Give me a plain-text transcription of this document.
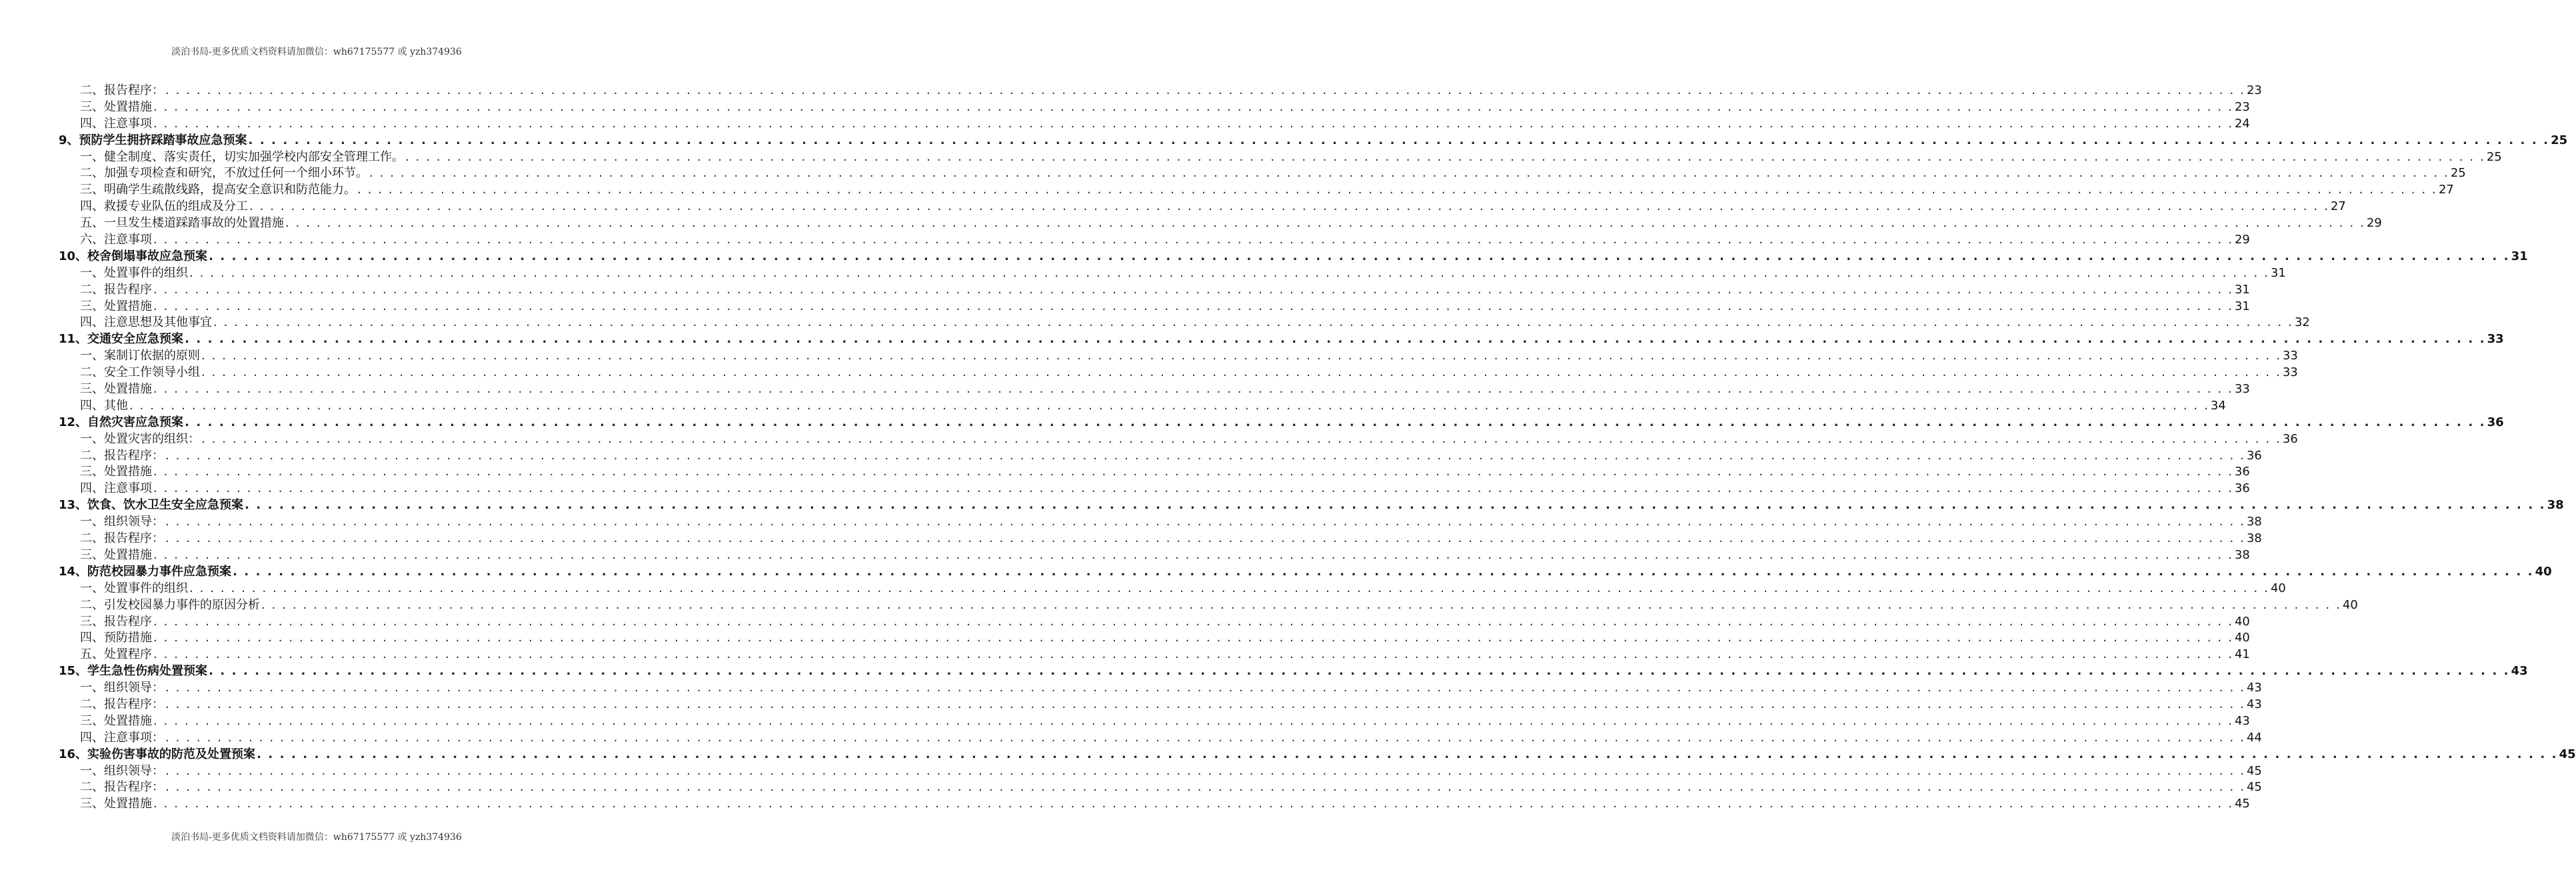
淡泊书局-更多优质文档资料请加微信：wh67175577 或 yzh374936
二、报告程序： . . . . . . . . . . . . . . . . . . . . . . . . . . . . . . . . . . . . . . . . . . . . . . . . . . . . . . . . . . . . . . . . . . . . . . . . . . . . . . . . . . . . . . . . . . . . . . . . . . . . . . . . . . . . . . . . . . . . . . . . . . . . . . . . . . . . . . . . . . . . . . . . . . . . . . . . . . . . . . . . . . . . . . . . . . . . . . . . . . . . . . . . . . . . . . . . . . . . . . . . 23
三、处置措施 . . . . . . . . . . . . . . . . . . . . . . . . . . . . . . . . . . . . . . . . . . . . . . . . . . . . . . . . . . . . . . . . . . . . . . . . . . . . . . . . . . . . . . . . . . . . . . . . . . . . . . . . . . . . . . . . . . . . . . . . . . . . . . . . . . . . . . . . . . . . . . . . . . . . . . . . . . . . . . . . . . . . . . . . . . . . . . . . . . . . . . . . . . . . . . . . . . . . . . . . 23
四、注意事项 . . . . . . . . . . . . . . . . . . . . . . . . . . . . . . . . . . . . . . . . . . . . . . . . . . . . . . . . . . . . . . . . . . . . . . . . . . . . . . . . . . . . . . . . . . . . . . . . . . . . . . . . . . . . . . . . . . . . . . . . . . . . . . . . . . . . . . . . . . . . . . . . . . . . . . . . . . . . . . . . . . . . . . . . . . . . . . . . . . . . . . . . . . . . . . . . . . . . . . . . 24
9、预防学生拥挤踩踏事故应急预案 . . . . . . . . . . . . . . . . . . . . . . . . . . . . . . . . . . . . . . . . . . . . . . . . . . . . . . . . . . . . . . . . . . . . . . . . . . . . . . . . . . . . . . . . . . . . . . . . . . . . . . . . . . . . . . . . . . . . . . . . . . . . . . . . . . . . . . . . . . . . . . . . . . . . . . . . . . . . . . . . . . . . . . . . . . . . . . . . . . . . . . . . . . . . . . . . . . . . . . . . 25
一、健全制度、落实责任，切实加强学校内部安全管理工作。 . . . . . . . . . . . . . . . . . . . . . . . . . . . . . . . . . . . . . . . . . . . . . . . . . . . . . . . . . . . . . . . . . . . . . . . . . . . . . . . . . . . . . . . . . . . . . . . . . . . . . . . . . . . . . . . . . . . . . . . . . . . . . . . . . . . . . . . . . . . . . . . . . . . . . . . . . . . . . . . . . . . . . . . . . . . . . . . . . . . . . . . . . . . . . . . . . . . . . . . . 25
二、加强专项检查和研究，不放过任何一个细小环节。 . . . . . . . . . . . . . . . . . . . . . . . . . . . . . . . . . . . . . . . . . . . . . . . . . . . . . . . . . . . . . . . . . . . . . . . . . . . . . . . . . . . . . . . . . . . . . . . . . . . . . . . . . . . . . . . . . . . . . . . . . . . . . . . . . . . . . . . . . . . . . . . . . . . . . . . . . . . . . . . . . . . . . . . . . . . . . . . . . . . . . . . . . . . . . . . . . . . . . . . . 25
三、明确学生疏散线路，提高安全意识和防范能力。 . . . . . . . . . . . . . . . . . . . . . . . . . . . . . . . . . . . . . . . . . . . . . . . . . . . . . . . . . . . . . . . . . . . . . . . . . . . . . . . . . . . . . . . . . . . . . . . . . . . . . . . . . . . . . . . . . . . . . . . . . . . . . . . . . . . . . . . . . . . . . . . . . . . . . . . . . . . . . . . . . . . . . . . . . . . . . . . . . . . . . . . . . . . . . . . . . . . . . . . . 27
四、救援专业队伍的组成及分工 . . . . . . . . . . . . . . . . . . . . . . . . . . . . . . . . . . . . . . . . . . . . . . . . . . . . . . . . . . . . . . . . . . . . . . . . . . . . . . . . . . . . . . . . . . . . . . . . . . . . . . . . . . . . . . . . . . . . . . . . . . . . . . . . . . . . . . . . . . . . . . . . . . . . . . . . . . . . . . . . . . . . . . . . . . . . . . . . . . . . . . . . . . . . . . . . . . . . . . . . 27
五、一旦发生楼道踩踏事故的处置措施 . . . . . . . . . . . . . . . . . . . . . . . . . . . . . . . . . . . . . . . . . . . . . . . . . . . . . . . . . . . . . . . . . . . . . . . . . . . . . . . . . . . . . . . . . . . . . . . . . . . . . . . . . . . . . . . . . . . . . . . . . . . . . . . . . . . . . . . . . . . . . . . . . . . . . . . . . . . . . . . . . . . . . . . . . . . . . . . . . . . . . . . . . . . . . . . . . . . . . . . . 29
六、注意事项 . . . . . . . . . . . . . . . . . . . . . . . . . . . . . . . . . . . . . . . . . . . . . . . . . . . . . . . . . . . . . . . . . . . . . . . . . . . . . . . . . . . . . . . . . . . . . . . . . . . . . . . . . . . . . . . . . . . . . . . . . . . . . . . . . . . . . . . . . . . . . . . . . . . . . . . . . . . . . . . . . . . . . . . . . . . . . . . . . . . . . . . . . . . . . . . . . . . . . . . . 29
10、校舍倒塌事故应急预案 . . . . . . . . . . . . . . . . . . . . . . . . . . . . . . . . . . . . . . . . . . . . . . . . . . . . . . . . . . . . . . . . . . . . . . . . . . . . . . . . . . . . . . . . . . . . . . . . . . . . . . . . . . . . . . . . . . . . . . . . . . . . . . . . . . . . . . . . . . . . . . . . . . . . . . . . . . . . . . . . . . . . . . . . . . . . . . . . . . . . . . . . . . . . . . . . . . . . . . . . 31
一、处置事件的组织 . . . . . . . . . . . . . . . . . . . . . . . . . . . . . . . . . . . . . . . . . . . . . . . . . . . . . . . . . . . . . . . . . . . . . . . . . . . . . . . . . . . . . . . . . . . . . . . . . . . . . . . . . . . . . . . . . . . . . . . . . . . . . . . . . . . . . . . . . . . . . . . . . . . . . . . . . . . . . . . . . . . . . . . . . . . . . . . . . . . . . . . . . . . . . . . . . . . . . . . . 31
二、报告程序 . . . . . . . . . . . . . . . . . . . . . . . . . . . . . . . . . . . . . . . . . . . . . . . . . . . . . . . . . . . . . . . . . . . . . . . . . . . . . . . . . . . . . . . . . . . . . . . . . . . . . . . . . . . . . . . . . . . . . . . . . . . . . . . . . . . . . . . . . . . . . . . . . . . . . . . . . . . . . . . . . . . . . . . . . . . . . . . . . . . . . . . . . . . . . . . . . . . . . . . . 31
三、处置措施 . . . . . . . . . . . . . . . . . . . . . . . . . . . . . . . . . . . . . . . . . . . . . . . . . . . . . . . . . . . . . . . . . . . . . . . . . . . . . . . . . . . . . . . . . . . . . . . . . . . . . . . . . . . . . . . . . . . . . . . . . . . . . . . . . . . . . . . . . . . . . . . . . . . . . . . . . . . . . . . . . . . . . . . . . . . . . . . . . . . . . . . . . . . . . . . . . . . . . . . . 31
四、注意思想及其他事宜 . . . . . . . . . . . . . . . . . . . . . . . . . . . . . . . . . . . . . . . . . . . . . . . . . . . . . . . . . . . . . . . . . . . . . . . . . . . . . . . . . . . . . . . . . . . . . . . . . . . . . . . . . . . . . . . . . . . . . . . . . . . . . . . . . . . . . . . . . . . . . . . . . . . . . . . . . . . . . . . . . . . . . . . . . . . . . . . . . . . . . . . . . . . . . . . . . . . . . . . . 32
11、交通安全应急预案 . . . . . . . . . . . . . . . . . . . . . . . . . . . . . . . . . . . . . . . . . . . . . . . . . . . . . . . . . . . . . . . . . . . . . . . . . . . . . . . . . . . . . . . . . . . . . . . . . . . . . . . . . . . . . . . . . . . . . . . . . . . . . . . . . . . . . . . . . . . . . . . . . . . . . . . . . . . . . . . . . . . . . . . . . . . . . . . . . . . . . . . . . . . . . . . . . . . . . . . . 33
一、案制订依据的原则 . . . . . . . . . . . . . . . . . . . . . . . . . . . . . . . . . . . . . . . . . . . . . . . . . . . . . . . . . . . . . . . . . . . . . . . . . . . . . . . . . . . . . . . . . . . . . . . . . . . . . . . . . . . . . . . . . . . . . . . . . . . . . . . . . . . . . . . . . . . . . . . . . . . . . . . . . . . . . . . . . . . . . . . . . . . . . . . . . . . . . . . . . . . . . . . . . . . . . . . . 33
二、安全工作领导小组 . . . . . . . . . . . . . . . . . . . . . . . . . . . . . . . . . . . . . . . . . . . . . . . . . . . . . . . . . . . . . . . . . . . . . . . . . . . . . . . . . . . . . . . . . . . . . . . . . . . . . . . . . . . . . . . . . . . . . . . . . . . . . . . . . . . . . . . . . . . . . . . . . . . . . . . . . . . . . . . . . . . . . . . . . . . . . . . . . . . . . . . . . . . . . . . . . . . . . . . . 33
三、处置措施 . . . . . . . . . . . . . . . . . . . . . . . . . . . . . . . . . . . . . . . . . . . . . . . . . . . . . . . . . . . . . . . . . . . . . . . . . . . . . . . . . . . . . . . . . . . . . . . . . . . . . . . . . . . . . . . . . . . . . . . . . . . . . . . . . . . . . . . . . . . . . . . . . . . . . . . . . . . . . . . . . . . . . . . . . . . . . . . . . . . . . . . . . . . . . . . . . . . . . . . . 33
四、其他 . . . . . . . . . . . . . . . . . . . . . . . . . . . . . . . . . . . . . . . . . . . . . . . . . . . . . . . . . . . . . . . . . . . . . . . . . . . . . . . . . . . . . . . . . . . . . . . . . . . . . . . . . . . . . . . . . . . . . . . . . . . . . . . . . . . . . . . . . . . . . . . . . . . . . . . . . . . . . . . . . . . . . . . . . . . . . . . . . . . . . . . . . . . . . . . . . . . . . . . . 34
12、自然灾害应急预案 . . . . . . . . . . . . . . . . . . . . . . . . . . . . . . . . . . . . . . . . . . . . . . . . . . . . . . . . . . . . . . . . . . . . . . . . . . . . . . . . . . . . . . . . . . . . . . . . . . . . . . . . . . . . . . . . . . . . . . . . . . . . . . . . . . . . . . . . . . . . . . . . . . . . . . . . . . . . . . . . . . . . . . . . . . . . . . . . . . . . . . . . . . . . . . . . . . . . . . . . 36
一、处置灾害的组织： . . . . . . . . . . . . . . . . . . . . . . . . . . . . . . . . . . . . . . . . . . . . . . . . . . . . . . . . . . . . . . . . . . . . . . . . . . . . . . . . . . . . . . . . . . . . . . . . . . . . . . . . . . . . . . . . . . . . . . . . . . . . . . . . . . . . . . . . . . . . . . . . . . . . . . . . . . . . . . . . . . . . . . . . . . . . . . . . . . . . . . . . . . . . . . . . . . . . . . . . 36
二、报告程序： . . . . . . . . . . . . . . . . . . . . . . . . . . . . . . . . . . . . . . . . . . . . . . . . . . . . . . . . . . . . . . . . . . . . . . . . . . . . . . . . . . . . . . . . . . . . . . . . . . . . . . . . . . . . . . . . . . . . . . . . . . . . . . . . . . . . . . . . . . . . . . . . . . . . . . . . . . . . . . . . . . . . . . . . . . . . . . . . . . . . . . . . . . . . . . . . . . . . . . . . 36
三、处置措施 . . . . . . . . . . . . . . . . . . . . . . . . . . . . . . . . . . . . . . . . . . . . . . . . . . . . . . . . . . . . . . . . . . . . . . . . . . . . . . . . . . . . . . . . . . . . . . . . . . . . . . . . . . . . . . . . . . . . . . . . . . . . . . . . . . . . . . . . . . . . . . . . . . . . . . . . . . . . . . . . . . . . . . . . . . . . . . . . . . . . . . . . . . . . . . . . . . . . . . . . 36
四、注意事项 . . . . . . . . . . . . . . . . . . . . . . . . . . . . . . . . . . . . . . . . . . . . . . . . . . . . . . . . . . . . . . . . . . . . . . . . . . . . . . . . . . . . . . . . . . . . . . . . . . . . . . . . . . . . . . . . . . . . . . . . . . . . . . . . . . . . . . . . . . . . . . . . . . . . . . . . . . . . . . . . . . . . . . . . . . . . . . . . . . . . . . . . . . . . . . . . . . . . . . . . 36
13、饮食、饮水卫生安全应急预案 . . . . . . . . . . . . . . . . . . . . . . . . . . . . . . . . . . . . . . . . . . . . . . . . . . . . . . . . . . . . . . . . . . . . . . . . . . . . . . . . . . . . . . . . . . . . . . . . . . . . . . . . . . . . . . . . . . . . . . . . . . . . . . . . . . . . . . . . . . . . . . . . . . . . . . . . . . . . . . . . . . . . . . . . . . . . . . . . . . . . . . . . . . . . . . . . . . . . . . . . 38
一、组织领导： . . . . . . . . . . . . . . . . . . . . . . . . . . . . . . . . . . . . . . . . . . . . . . . . . . . . . . . . . . . . . . . . . . . . . . . . . . . . . . . . . . . . . . . . . . . . . . . . . . . . . . . . . . . . . . . . . . . . . . . . . . . . . . . . . . . . . . . . . . . . . . . . . . . . . . . . . . . . . . . . . . . . . . . . . . . . . . . . . . . . . . . . . . . . . . . . . . . . . . . . 38
二、报告程序： . . . . . . . . . . . . . . . . . . . . . . . . . . . . . . . . . . . . . . . . . . . . . . . . . . . . . . . . . . . . . . . . . . . . . . . . . . . . . . . . . . . . . . . . . . . . . . . . . . . . . . . . . . . . . . . . . . . . . . . . . . . . . . . . . . . . . . . . . . . . . . . . . . . . . . . . . . . . . . . . . . . . . . . . . . . . . . . . . . . . . . . . . . . . . . . . . . . . . . . . 38
三、处置措施 . . . . . . . . . . . . . . . . . . . . . . . . . . . . . . . . . . . . . . . . . . . . . . . . . . . . . . . . . . . . . . . . . . . . . . . . . . . . . . . . . . . . . . . . . . . . . . . . . . . . . . . . . . . . . . . . . . . . . . . . . . . . . . . . . . . . . . . . . . . . . . . . . . . . . . . . . . . . . . . . . . . . . . . . . . . . . . . . . . . . . . . . . . . . . . . . . . . . . . . . 38
14、防范校园暴力事件应急预案 . . . . . . . . . . . . . . . . . . . . . . . . . . . . . . . . . . . . . . . . . . . . . . . . . . . . . . . . . . . . . . . . . . . . . . . . . . . . . . . . . . . . . . . . . . . . . . . . . . . . . . . . . . . . . . . . . . . . . . . . . . . . . . . . . . . . . . . . . . . . . . . . . . . . . . . . . . . . . . . . . . . . . . . . . . . . . . . . . . . . . . . . . . . . . . . . . . . . . . . . 40
一、处置事件的组织 . . . . . . . . . . . . . . . . . . . . . . . . . . . . . . . . . . . . . . . . . . . . . . . . . . . . . . . . . . . . . . . . . . . . . . . . . . . . . . . . . . . . . . . . . . . . . . . . . . . . . . . . . . . . . . . . . . . . . . . . . . . . . . . . . . . . . . . . . . . . . . . . . . . . . . . . . . . . . . . . . . . . . . . . . . . . . . . . . . . . . . . . . . . . . . . . . . . . . . . . 40
二、引发校园暴力事件的原因分析 . . . . . . . . . . . . . . . . . . . . . . . . . . . . . . . . . . . . . . . . . . . . . . . . . . . . . . . . . . . . . . . . . . . . . . . . . . . . . . . . . . . . . . . . . . . . . . . . . . . . . . . . . . . . . . . . . . . . . . . . . . . . . . . . . . . . . . . . . . . . . . . . . . . . . . . . . . . . . . . . . . . . . . . . . . . . . . . . . . . . . . . . . . . . . . . . . . . . . . . . 40
三、报告程序 . . . . . . . . . . . . . . . . . . . . . . . . . . . . . . . . . . . . . . . . . . . . . . . . . . . . . . . . . . . . . . . . . . . . . . . . . . . . . . . . . . . . . . . . . . . . . . . . . . . . . . . . . . . . . . . . . . . . . . . . . . . . . . . . . . . . . . . . . . . . . . . . . . . . . . . . . . . . . . . . . . . . . . . . . . . . . . . . . . . . . . . . . . . . . . . . . . . . . . . . 40
四、预防措施 . . . . . . . . . . . . . . . . . . . . . . . . . . . . . . . . . . . . . . . . . . . . . . . . . . . . . . . . . . . . . . . . . . . . . . . . . . . . . . . . . . . . . . . . . . . . . . . . . . . . . . . . . . . . . . . . . . . . . . . . . . . . . . . . . . . . . . . . . . . . . . . . . . . . . . . . . . . . . . . . . . . . . . . . . . . . . . . . . . . . . . . . . . . . . . . . . . . . . . . . 40
五、处置程序 . . . . . . . . . . . . . . . . . . . . . . . . . . . . . . . . . . . . . . . . . . . . . . . . . . . . . . . . . . . . . . . . . . . . . . . . . . . . . . . . . . . . . . . . . . . . . . . . . . . . . . . . . . . . . . . . . . . . . . . . . . . . . . . . . . . . . . . . . . . . . . . . . . . . . . . . . . . . . . . . . . . . . . . . . . . . . . . . . . . . . . . . . . . . . . . . . . . . . . . . 41
15、学生急性伤病处置预案 . . . . . . . . . . . . . . . . . . . . . . . . . . . . . . . . . . . . . . . . . . . . . . . . . . . . . . . . . . . . . . . . . . . . . . . . . . . . . . . . . . . . . . . . . . . . . . . . . . . . . . . . . . . . . . . . . . . . . . . . . . . . . . . . . . . . . . . . . . . . . . . . . . . . . . . . . . . . . . . . . . . . . . . . . . . . . . . . . . . . . . . . . . . . . . . . . . . . . . . . 43
一、组织领导： . . . . . . . . . . . . . . . . . . . . . . . . . . . . . . . . . . . . . . . . . . . . . . . . . . . . . . . . . . . . . . . . . . . . . . . . . . . . . . . . . . . . . . . . . . . . . . . . . . . . . . . . . . . . . . . . . . . . . . . . . . . . . . . . . . . . . . . . . . . . . . . . . . . . . . . . . . . . . . . . . . . . . . . . . . . . . . . . . . . . . . . . . . . . . . . . . . . . . . . . 43
二、报告程序： . . . . . . . . . . . . . . . . . . . . . . . . . . . . . . . . . . . . . . . . . . . . . . . . . . . . . . . . . . . . . . . . . . . . . . . . . . . . . . . . . . . . . . . . . . . . . . . . . . . . . . . . . . . . . . . . . . . . . . . . . . . . . . . . . . . . . . . . . . . . . . . . . . . . . . . . . . . . . . . . . . . . . . . . . . . . . . . . . . . . . . . . . . . . . . . . . . . . . . . . 43
三、处置措施 . . . . . . . . . . . . . . . . . . . . . . . . . . . . . . . . . . . . . . . . . . . . . . . . . . . . . . . . . . . . . . . . . . . . . . . . . . . . . . . . . . . . . . . . . . . . . . . . . . . . . . . . . . . . . . . . . . . . . . . . . . . . . . . . . . . . . . . . . . . . . . . . . . . . . . . . . . . . . . . . . . . . . . . . . . . . . . . . . . . . . . . . . . . . . . . . . . . . . . . . 43
四、注意事项： . . . . . . . . . . . . . . . . . . . . . . . . . . . . . . . . . . . . . . . . . . . . . . . . . . . . . . . . . . . . . . . . . . . . . . . . . . . . . . . . . . . . . . . . . . . . . . . . . . . . . . . . . . . . . . . . . . . . . . . . . . . . . . . . . . . . . . . . . . . . . . . . . . . . . . . . . . . . . . . . . . . . . . . . . . . . . . . . . . . . . . . . . . . . . . . . . . . . . . . . 44
16、实验伤害事故的防范及处置预案 . . . . . . . . . . . . . . . . . . . . . . . . . . . . . . . . . . . . . . . . . . . . . . . . . . . . . . . . . . . . . . . . . . . . . . . . . . . . . . . . . . . . . . . . . . . . . . . . . . . . . . . . . . . . . . . . . . . . . . . . . . . . . . . . . . . . . . . . . . . . . . . . . . . . . . . . . . . . . . . . . . . . . . . . . . . . . . . . . . . . . . . . . . . . . . . . . . . . . . . . 45
一、组织领导： . . . . . . . . . . . . . . . . . . . . . . . . . . . . . . . . . . . . . . . . . . . . . . . . . . . . . . . . . . . . . . . . . . . . . . . . . . . . . . . . . . . . . . . . . . . . . . . . . . . . . . . . . . . . . . . . . . . . . . . . . . . . . . . . . . . . . . . . . . . . . . . . . . . . . . . . . . . . . . . . . . . . . . . . . . . . . . . . . . . . . . . . . . . . . . . . . . . . . . . . 45
二、报告程序： . . . . . . . . . . . . . . . . . . . . . . . . . . . . . . . . . . . . . . . . . . . . . . . . . . . . . . . . . . . . . . . . . . . . . . . . . . . . . . . . . . . . . . . . . . . . . . . . . . . . . . . . . . . . . . . . . . . . . . . . . . . . . . . . . . . . . . . . . . . . . . . . . . . . . . . . . . . . . . . . . . . . . . . . . . . . . . . . . . . . . . . . . . . . . . . . . . . . . . . . 45
三、处置措施 . . . . . . . . . . . . . . . . . . . . . . . . . . . . . . . . . . . . . . . . . . . . . . . . . . . . . . . . . . . . . . . . . . . . . . . . . . . . . . . . . . . . . . . . . . . . . . . . . . . . . . . . . . . . . . . . . . . . . . . . . . . . . . . . . . . . . . . . . . . . . . . . . . . . . . . . . . . . . . . . . . . . . . . . . . . . . . . . . . . . . . . . . . . . . . . . . . . . . . . . 45
淡泊书局-更多优质文档资料请加微信：wh67175577 或 yzh374936
